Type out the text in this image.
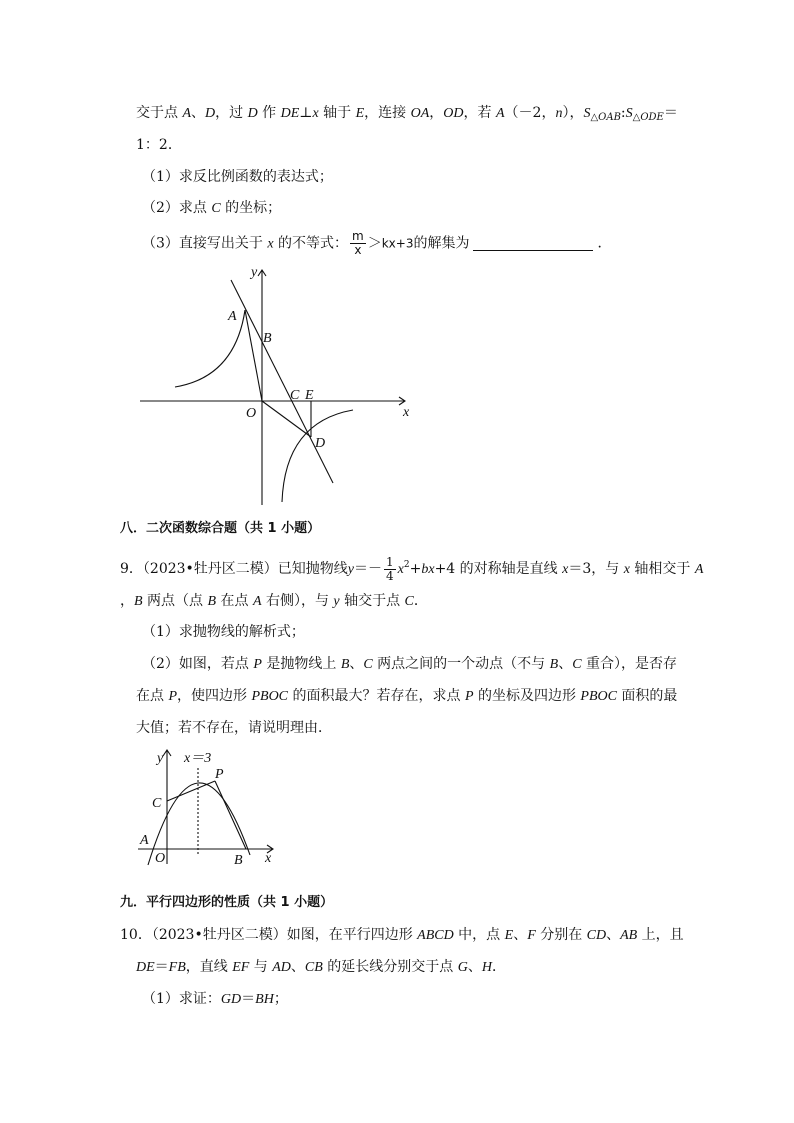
交于点 A、D，过 D 作 DE⊥x 轴于 E，连接 OA，OD，若 A（－2，n），$S_{\triangle OAB}:S_{\triangle ODE}=$
1：2．
（1）求反比例函数的表达式；
（2）求点 C 的坐标；
（3）直接写出关于 x 的不等式： $\frac{m}{x} >kx+3$的解集为	．
y
x
A
B
C E
O
D
八．二次函数综合题（共 1 小题）
9．（2023•牡丹区二模）已知抛物线$y=- \frac{1}{4} x^2+bx+4$ 的对称轴是直线 x＝3，与 x 轴相交于 A
，B 两点（点 B 在点 A 右侧），与 y 轴交于点 C．
（1）求抛物线的解析式；
（2）如图，若点 P 是抛物线上 B、C 两点之间的一个动点（不与 B、C 重合），是否存
在点 P，使四边形 PBOC 的面积最大？若存在，求点 P 的坐标及四边形 PBOC 面积的最
大值；若不存在，请说明理由．
y x＝3
P
C
A
O	B x
九．平行四边形的性质（共 1 小题）
10．（2023•牡丹区二模）如图，在平行四边形 ABCD 中，点 E、F 分别在 CD、AB 上，且
DE＝FB，直线 EF 与 AD、CB 的延长线分别交于点 G、H．
（1）求证：GD＝BH；
